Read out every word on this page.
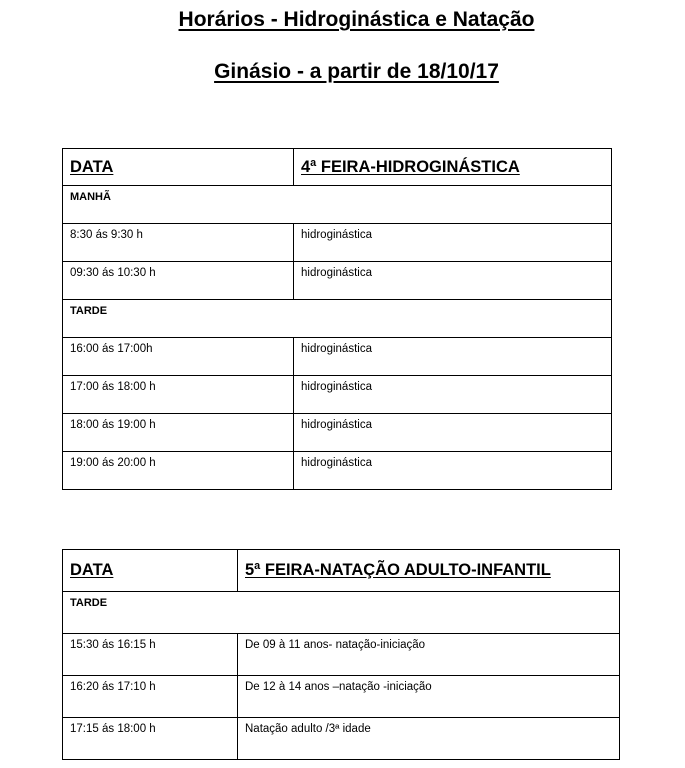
Horários - Hidroginástica e Natação
Ginásio - a partir de 18/10/17
DATA	4ª FEIRA-HIDROGINÁSTICA

MANHÃ	

8:30 ás 9:30 h	hidroginástica

09:30 ás 10:30 h	hidroginástica

TARDE	

16:00 ás 17:00h	hidroginástica

17:00 ás 18:00 h	hidroginástica

18:00 ás 19:00 h	hidroginástica

19:00 ás 20:00 h	hidroginástica
DATA	5ª FEIRA-NATAÇÃO ADULTO-INFANTIL

TARDE	

15:30 ás 16:15 h	De 09 à 11 anos- natação-iniciação

16:20 ás 17:10 h	De 12 à 14 anos –natação -iniciação

17:15 ás 18:00 h	Natação adulto /3ª idade
